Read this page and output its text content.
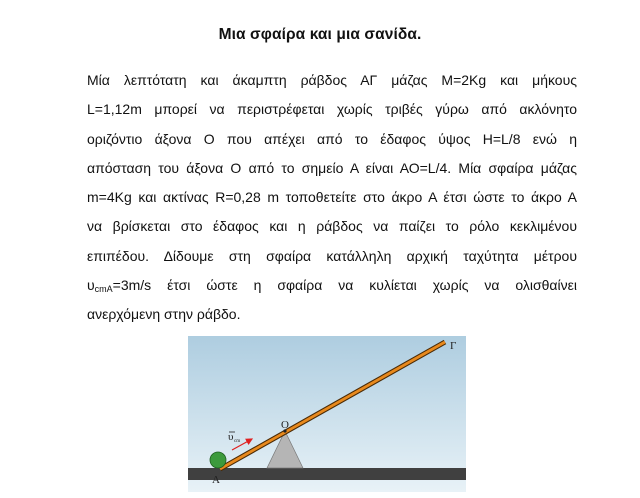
Μια σφαίρα και μια σανίδα.
Μία λεπτότατη και άκαμπτη ράβδος ΑΓ μάζας Μ=2Kg και μήκους
L=1,12m μπορεί να περιστρέφεται χωρίς τριβές γύρω από ακλόνητο
οριζόντιο άξονα Ο που απέχει από το έδαφος ύψος Η=L/8 ενώ η
απόσταση του άξονα Ο από το σημείο Α είναι ΑΟ=L/4. Μία σφαίρα μάζας
m=4Kg και ακτίνας R=0,28 m τοποθετείτε στο άκρο Α έτσι ώστε το άκρο Α
να βρίσκεται στο έδαφος και η ράβδος να παίζει το ρόλο κεκλιμένου
επιπέδου. Δίδουμε στη σφαίρα κατάλληλη αρχική ταχύτητα μέτρου
$\upsilon_{cmA}=3m/s$ έτσι ώστε η σφαίρα να κυλίεται χωρίς να ολισθαίνει
ανερχόμενη στην ράβδο.
υ cm
O
Α
Γ
